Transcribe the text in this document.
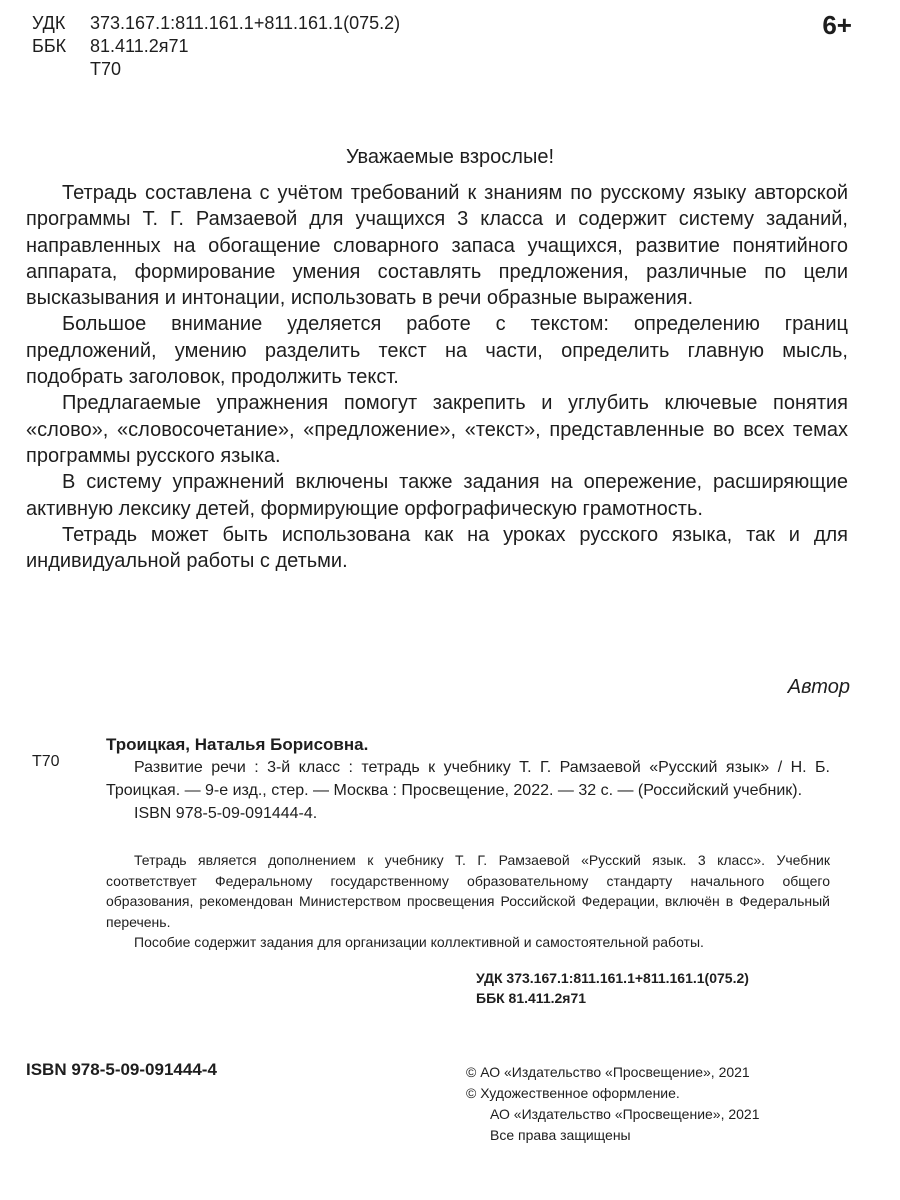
УДК 373.167.1:811.161.1+811.161.1(075.2)
ББК 81.411.2я71
Т70
6+
Уважаемые взрослые!

Тетрадь составлена с учётом требований к знаниям по русскому языку авторской программы Т. Г. Рамзаевой для учащихся 3 класса и содержит систему заданий, направленных на обогащение словарного запаса учащихся, развитие понятийного аппарата, формирование умения составлять предложения, различные по цели высказывания и интонации, использовать в речи образные выражения.

Большое внимание уделяется работе с текстом: определению границ предложений, умению разделить текст на части, определить главную мысль, подобрать заголовок, продолжить текст.

Предлагаемые упражнения помогут закрепить и углубить ключевые понятия «слово», «словосочетание», «предложение», «текст», представленные во всех темах программы русского языка.

В систему упражнений включены также задания на опережение, расширяющие активную лексику детей, формирующие орфографическую грамотность.

Тетрадь может быть использована как на уроках русского языка, так и для индивидуальной работы с детьми.

Автор
Т70
Троицкая, Наталья Борисовна.
Развитие речи : 3-й класс : тетрадь к учебнику Т. Г. Рамзаевой «Русский язык» / Н. Б. Троицкая. — 9-е изд., стер. — Москва : Просвещение, 2022. — 32 с. — (Российский учебник).
ISBN 978-5-09-091444-4.

Тетрадь является дополнением к учебнику Т. Г. Рамзаевой «Русский язык. 3 класс». Учебник соответствует Федеральному государственному образовательному стандарту начального общего образования, рекомендован Министерством просвещения Российской Федерации, включён в Федеральный перечень.

Пособие содержит задания для организации коллективной и самостоятельной работы.

УДК 373.167.1:811.161.1+811.161.1(075.2)
ББК 81.411.2я71
ISBN 978-5-09-091444-4	© АО «Издательство «Просвещение», 2021
© Художественное оформление.
АО «Издательство «Просвещение», 2021
Все права защищены
